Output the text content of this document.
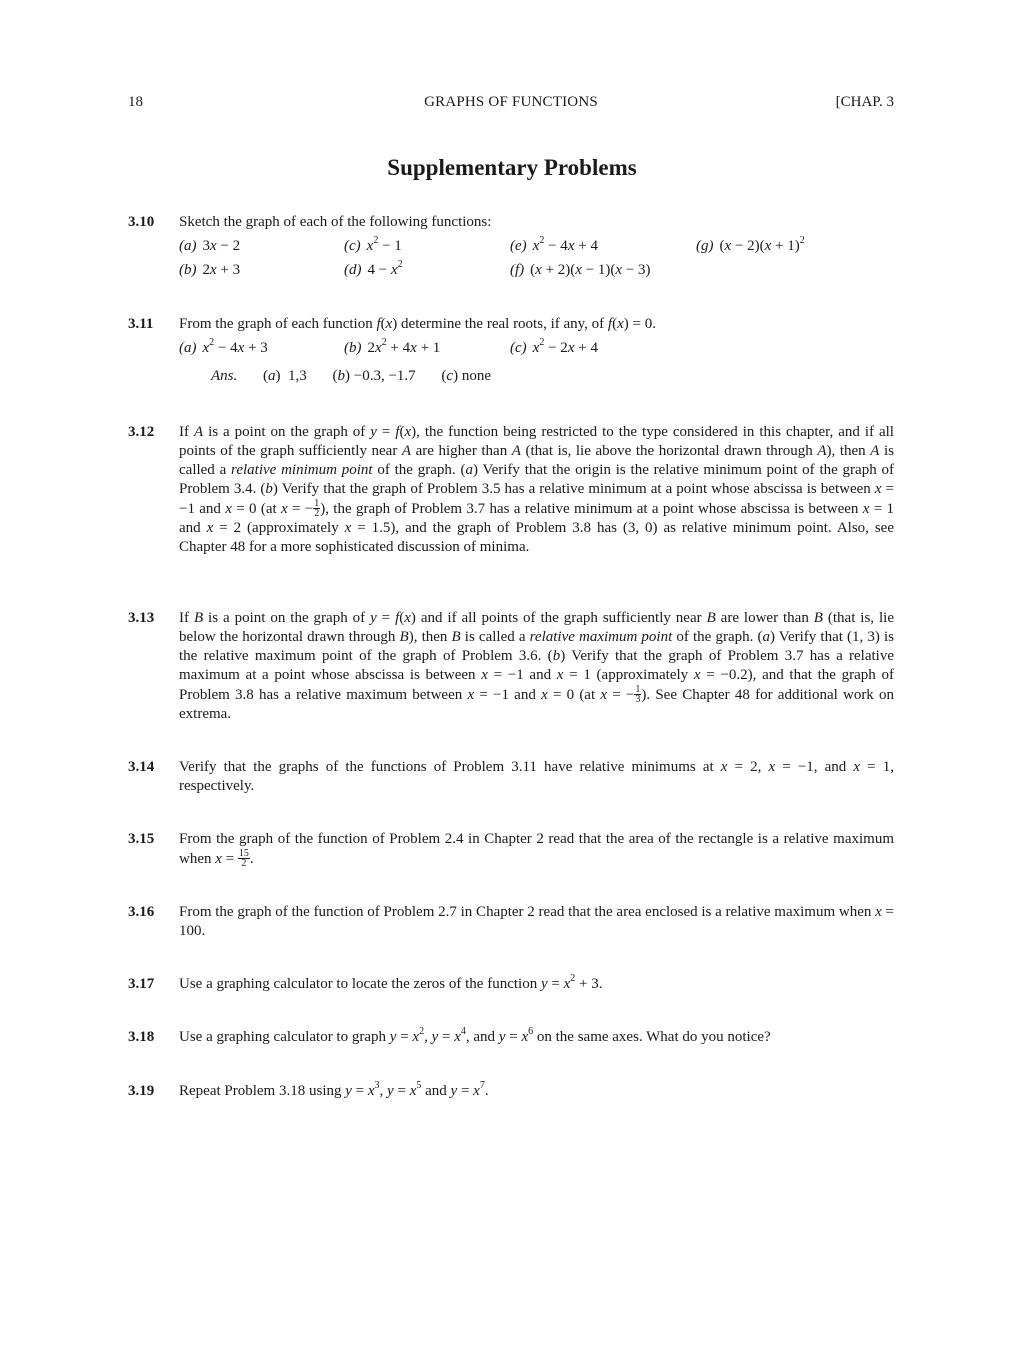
18	GRAPHS OF FUNCTIONS	[CHAP. 3
Supplementary Problems
3.10 Sketch the graph of each of the following functions:
(a) 3x − 2	(c) $x^2 - 1$	(e) $x^2 - 4x + 4$	(g) $(x - 2)(x + 1)^2$
(b) 2x + 3	(d) $4 - x^2$	(f) (x + 2)(x − 1)(x − 3)
3.11 From the graph of each function f(x) determine the real roots, if any, of f(x) = 0.
(a) $x^2 - 4x + 3$	(b) $2x^2 + 4x + 1$	(c) $x^2 - 2x + 4$
Ans. (a)  1,3 (b) −0.3, −1.7 (c) none
3.12 If A is a point on the graph of y = f(x), the function being restricted to the type considered in this chapter, and if all points of the graph sufficiently near A are higher than A (that is, lie above the horizontal drawn through A), then A is called a relative minimum point of the graph. (a) Verify that the origin is the relative minimum point of the graph of Problem 3.4. (b) Verify that the graph of Problem 3.5 has a relative minimum at a point whose abscissa is between x = −1 and x = 0 (at x = − $\frac{1}{2}$ ), the graph of Problem 3.7 has a relative minimum at a point whose abscissa is between x = 1 and x = 2 (approximately x = 1.5), and the graph of Problem 3.8 has (3, 0) as relative minimum point. Also, see Chapter 48 for a more sophisticated discussion of minima.
3.13 If B is a point on the graph of y = f(x) and if all points of the graph sufficiently near B are lower than B (that is, lie below the horizontal drawn through B), then B is called a relative maximum point of the graph. (a) Verify that (1, 3) is the relative maximum point of the graph of Problem 3.6. (b) Verify that the graph of Problem 3.7 has a relative maximum at a point whose abscissa is between x = −1 and x = 1 (approximately x = −0.2), and that the graph of Problem 3.8 has a relative maximum between x = −1 and x = 0 (at x = − $\frac{1}{3}$ ). See Chapter 48 for additional work on extrema.
3.14 Verify that the graphs of the functions of Problem 3.11 have relative minimums at x = 2, x = −1, and x = 1, respectively.
3.15 From the graph of the function of Problem 2.4 in Chapter 2 read that the area of the rectangle is a relative maximum when $x = \frac{15}{2}$ .
3.16 From the graph of the function of Problem 2.7 in Chapter 2 read that the area enclosed is a relative maximum when x = 100.
3.17 Use a graphing calculator to locate the zeros of the function $y = x^2 + 3$.
3.18 Use a graphing calculator to graph $y = x^2$, $y = x^4$, and $y = x^6$ on the same axes. What do you notice?
3.19 Repeat Problem 3.18 using $y = x^3$, $y = x^5$ and $y = x^7$.
